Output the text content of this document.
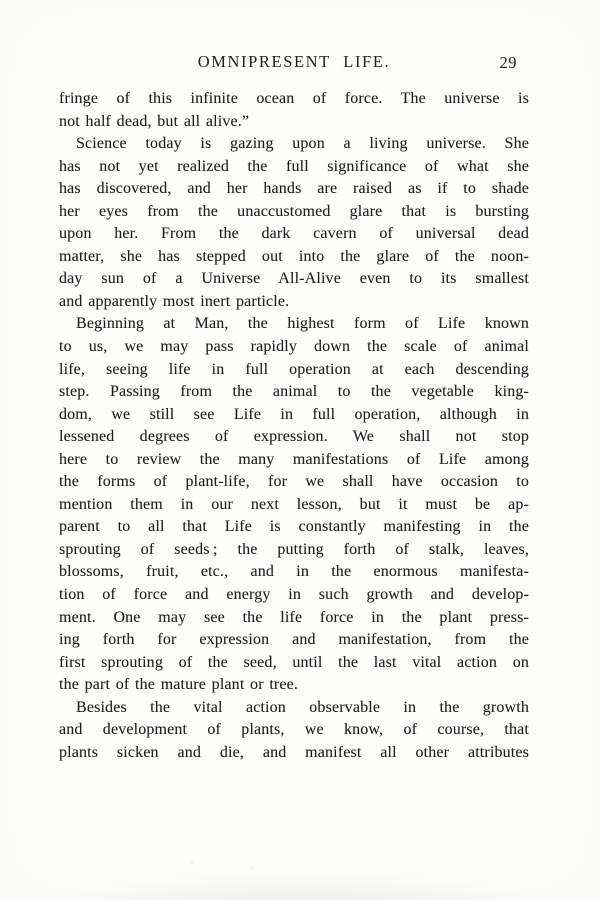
OMNIPRESENT LIFE.	29
fringe of this infinite ocean of force. The universe is
not half dead, but all alive.”
Science today is gazing upon a living universe. She
has not yet realized the full significance of what she
has discovered, and her hands are raised as if to shade
her eyes from the unaccustomed glare that is bursting
upon her. From the dark cavern of universal dead
matter, she has stepped out into the glare of the noon-
day sun of a Universe All-Alive even to its smallest
and apparently most inert particle.
Beginning at Man, the highest form of Life known
to us, we may pass rapidly down the scale of animal
life, seeing life in full operation at each descending
step. Passing from the animal to the vegetable king-
dom, we still see Life in full operation, although in
lessened degrees of expression. We shall not stop
here to review the many manifestations of Life among
the forms of plant-life, for we shall have occasion to
mention them in our next lesson, but it must be ap-
parent to all that Life is constantly manifesting in the
sprouting of seeds ; the putting forth of stalk, leaves,
blossoms, fruit, etc., and in the enormous manifesta-
tion of force and energy in such growth and develop-
ment. One may see the life force in the plant press-
ing forth for expression and manifestation, from the
first sprouting of the seed, until the last vital action on
the part of the mature plant or tree.
Besides the vital action observable in the growth
and development of plants, we know, of course, that
plants sicken and die, and manifest all other attributes
